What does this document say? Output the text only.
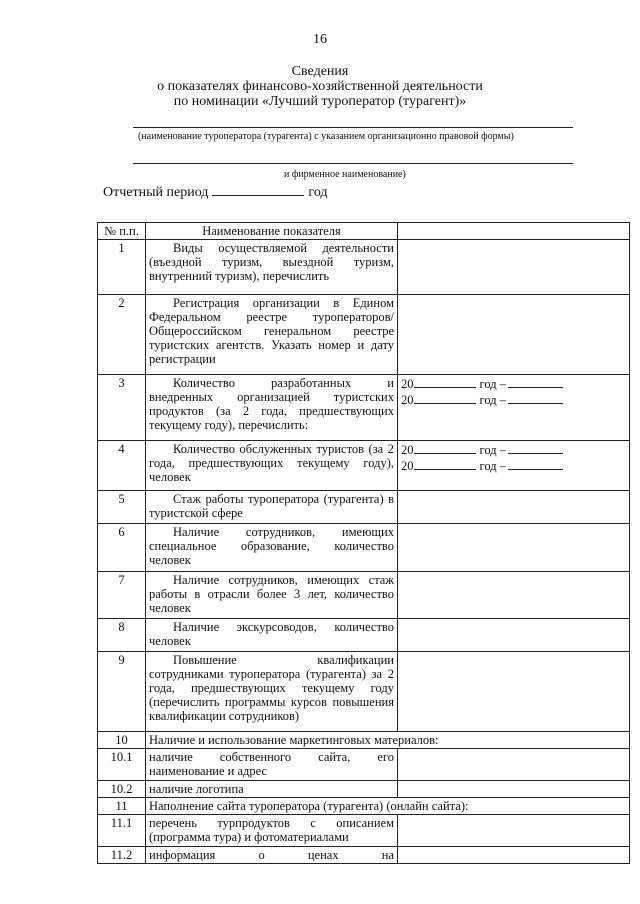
16
Сведения
о показателях финансово-хозяйственной деятельности
по номинации «Лучший туроператор (турагент)»
(наименование туроператора (турагента) с указанием организационно правовой формы)
и фирменное наименование)
Отчетный период	год
№ п.п.	Наименование показателя	
1	Виды осуществляемой деятельности (въездной туризм, выездной туризм, внутренний туризм), перечислить	
2	Регистрация организации в Едином Федеральном реестре туроператоров/Общероссийском генеральном реестре туристских агентств. Указать номер и дату регистрации	
3	Количество разработанных и внедренных организацией туристских продуктов (за 2 года, предшествующих текущему году), перечислить:	20 год –
20 год –

4	Количество обслуженных туристов (за 2 года, предшествующих текущему году), человек	20 год –
20 год –

5	Стаж работы туроператора (турагента) в туристской сфере	
6	Наличие сотрудников, имеющих специальное образование, количество человек	
7	Наличие сотрудников, имеющих стаж работы в отрасли более 3 лет, количество человек	
8	Наличие экскурсоводов, количество человек	
9	Повышение квалификации сотрудниками туроператора (турагента) за 2 года, предшествующих текущему году (перечислить программы курсов повышения квалификации сотрудников)	
10	Наличие и использование маркетинговых материалов:	
10.1	наличие собственного сайта, его наименование и адрес	
10.2	наличие логотипа	
11	Наполнение сайта туроператора (турагента) (онлайн сайта):	
11.1	перечень турпродуктов с описанием (программа тура) и фотоматериалами	
11.2	информация о ценах на	
